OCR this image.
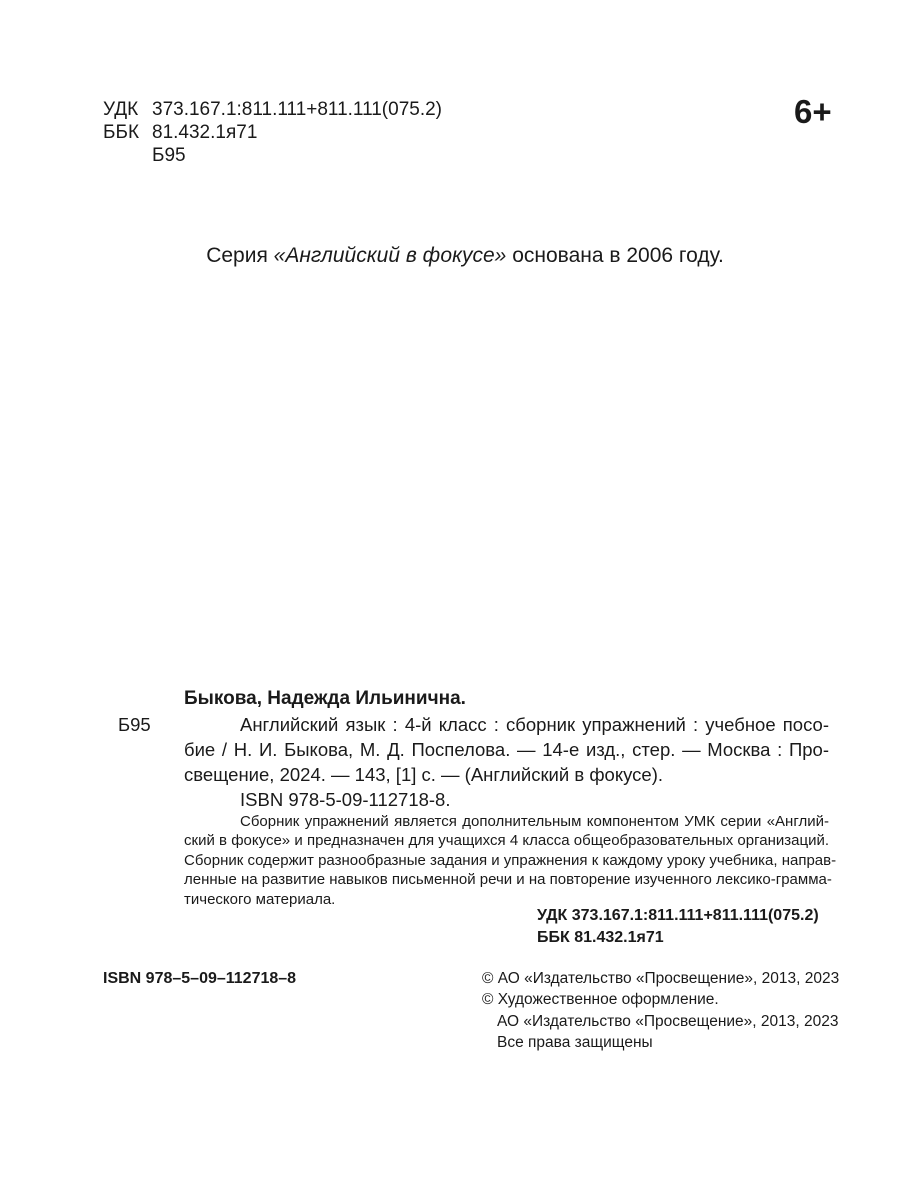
УДК 373.167.1:811.111+811.111(075.2)
ББК 81.432.1я71
Б95
6+
Серия «Английский в фокусе» основана в 2006 году.
Быкова, Надежда Ильинична.
Б95	Английский язык : 4-й класс : сборник упражнений : учебное посо-
бие / Н. И. Быкова, М. Д. Поспелова. — 14-е изд., стер. — Москва : Про-
свещение, 2024. — 143, [1] с. — (Английский в фокусе).
ISBN 978-5-09-112718-8.
Сборник упражнений является дополнительным компонентом УМК серии «Англий-
ский в фокусе» и предназначен для учащихся 4 класса общеобразовательных организаций.
Сборник содержит разнообразные задания и упражнения к каждому уроку учебника, направ-
ленные на развитие навыков письменной речи и на повторение изученного лексико-грамма-
тического материала.
УДК 373.167.1:811.111+811.111(075.2)
ББК 81.432.1я71
ISBN 978–5–09–112718–8	© АО «Издательство «Просвещение», 2013, 2023
© Художественное оформление.
АО «Издательство «Просвещение», 2013, 2023
Все права защищены
